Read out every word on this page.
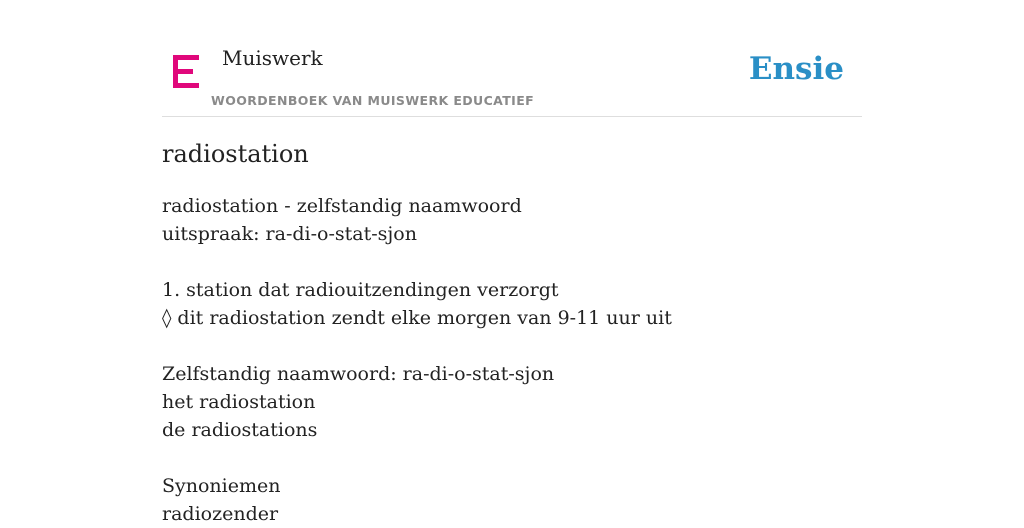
Muiswerk
WOORDENBOEK VAN MUISWERK EDUCATIEF
Ensie
radiostation
radiostation - zelfstandig naamwoord
uitspraak: ra-di-o-stat-sjon
1. station dat radiouitzendingen verzorgt
◊ dit radiostation zendt elke morgen van 9-11 uur uit
Zelfstandig naamwoord: ra-di-o-stat-sjon
het radiostation
de radiostations
Synoniemen
radiozender
